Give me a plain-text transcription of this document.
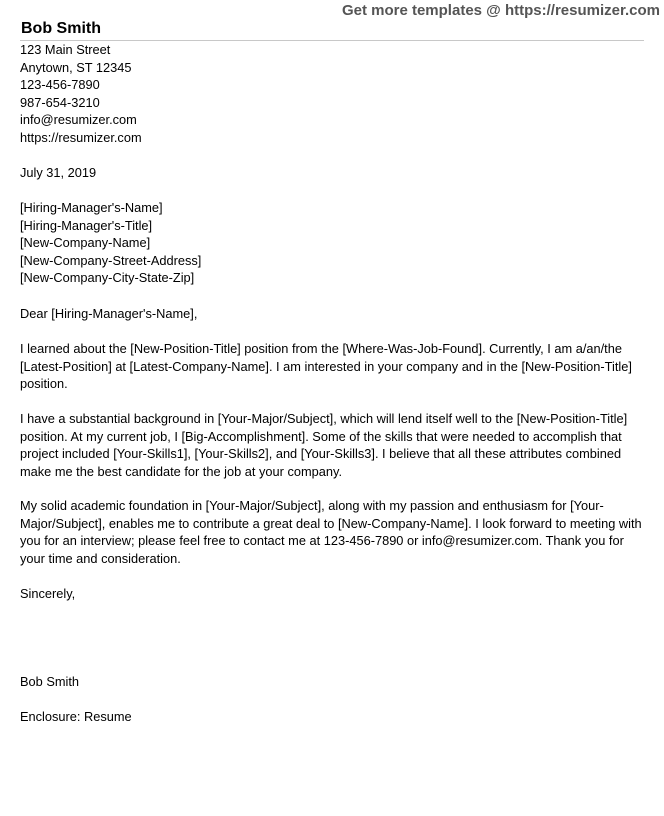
Get more templates @ https://resumizer.com
Bob Smith
123 Main Street
Anytown, ST 12345
123-456-7890
987-654-3210
info@resumizer.com
https://resumizer.com
July 31, 2019
[Hiring-Manager's-Name]
[Hiring-Manager's-Title]
[New-Company-Name]
[New-Company-Street-Address]
[New-Company-City-State-Zip]
Dear [Hiring-Manager's-Name],

I learned about the [New-Position-Title] position from the [Where-Was-Job-Found]. Currently, I am a/an/the [Latest-Position] at [Latest-Company-Name]. I am interested in your company and in the [New-Position-Title] position.

I have a substantial background in [Your-Major/Subject], which will lend itself well to the [New-Position-Title] position. At my current job, I [Big-Accomplishment]. Some of the skills that were needed to accomplish that project included [Your-Skills1], [Your-Skills2], and [Your-Skills3]. I believe that all these attributes combined make me the best candidate for the job at your company.

My solid academic foundation in [Your-Major/Subject], along with my passion and enthusiasm for [Your-Major/Subject], enables me to contribute a great deal to [New-Company-Name]. I look forward to meeting with you for an interview; please feel free to contact me at 123-456-7890 or info@resumizer.com. Thank you for your time and consideration.

Sincerely,
Bob Smith
Enclosure: Resume
